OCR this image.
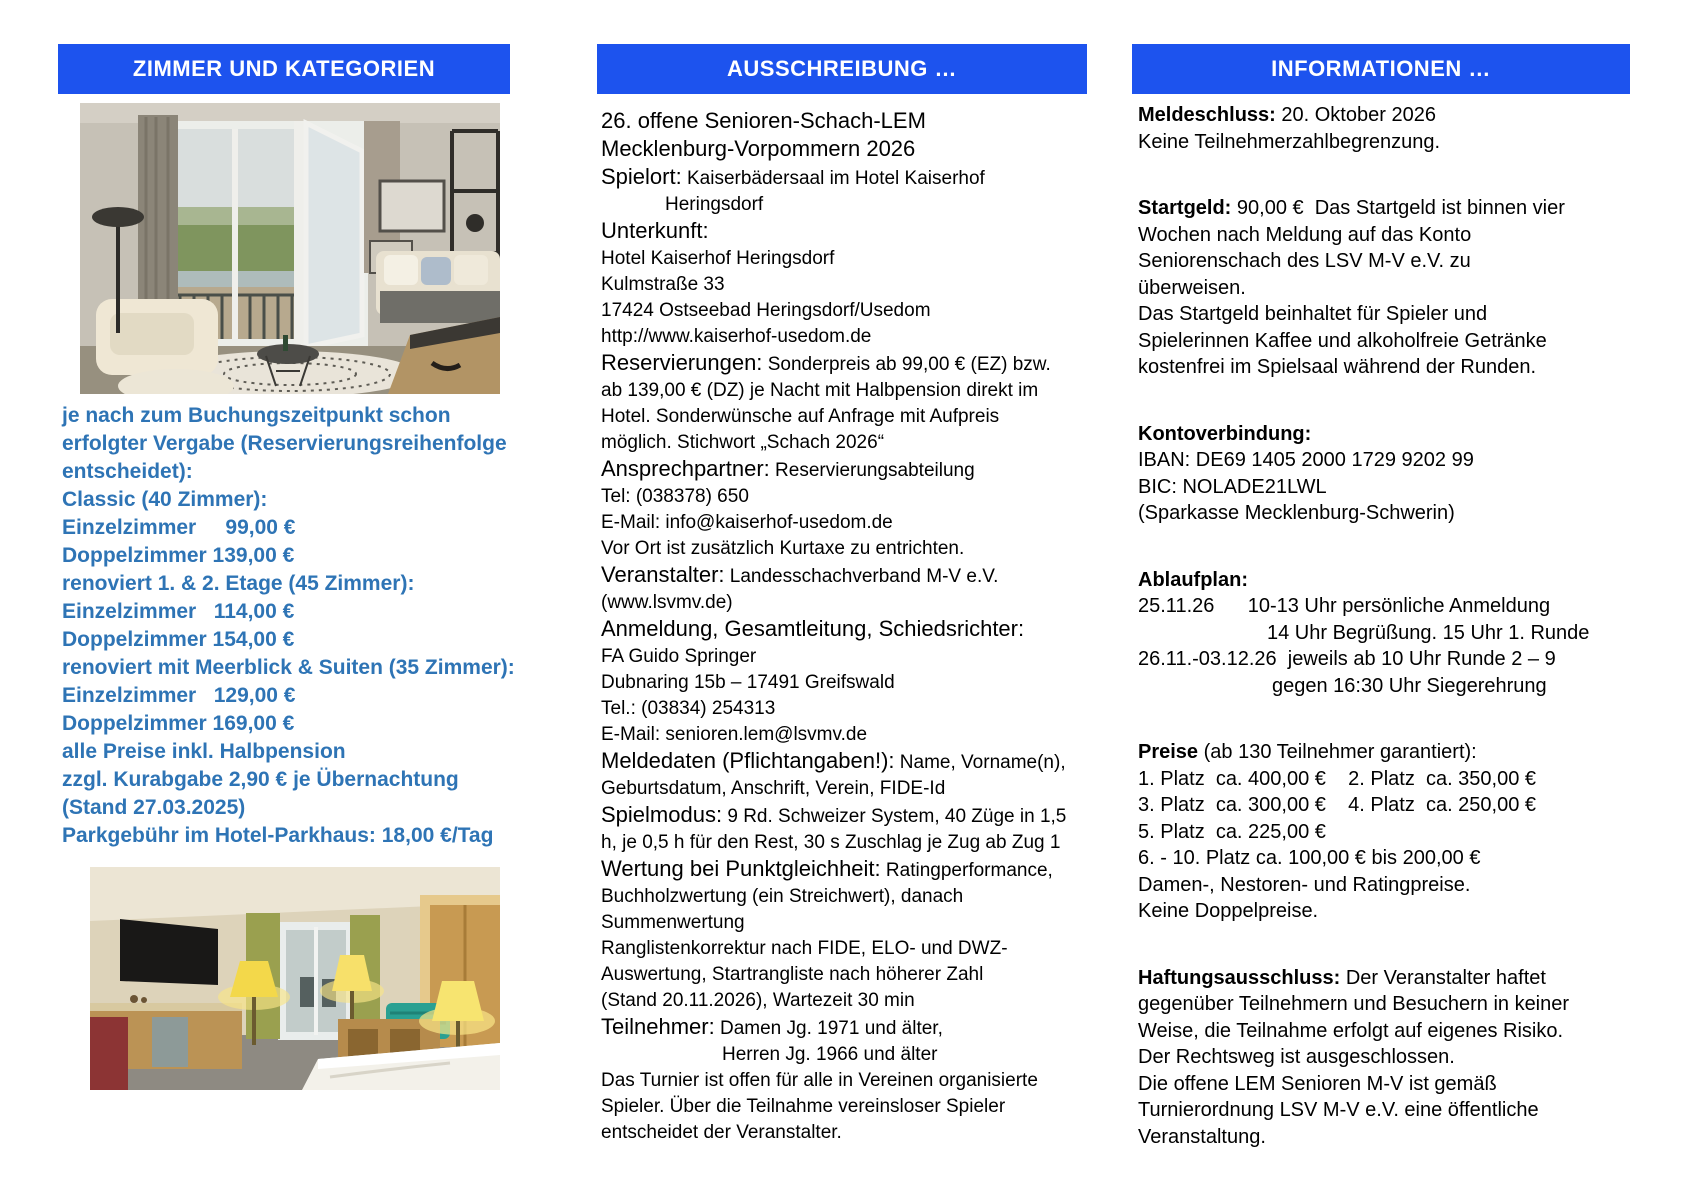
ZIMMER UND KATEGORIEN
je nach zum Buchungszeitpunkt schon
erfolgter Vergabe (Reservierungsreihenfolge
entscheidet):
Classic (40 Zimmer):
Einzelzimmer     99,00 €
Doppelzimmer 139,00 €
renoviert 1. & 2. Etage (45 Zimmer):
Einzelzimmer   114,00 €
Doppelzimmer 154,00 €
renoviert mit Meerblick & Suiten (35 Zimmer):
Einzelzimmer   129,00 €
Doppelzimmer 169,00 €
alle Preise inkl. Halbpension
zzgl. Kurabgabe 2,90 € je Übernachtung
(Stand 27.03.2025)
Parkgebühr im Hotel-Parkhaus: 18,00 €/Tag
AUSSCHREIBUNG …
26. offene Senioren-Schach-LEM
Mecklenburg-Vorpommern 2026
Spielort: Kaiserbädersaal im Hotel Kaiserhof
Heringsdorf
Unterkunft:
Hotel Kaiserhof Heringsdorf
Kulmstraße 33
17424 Ostseebad Heringsdorf/Usedom
http://www.kaiserhof-usedom.de
Reservierungen: Sonderpreis ab 99,00 € (EZ) bzw.
ab 139,00 € (DZ) je Nacht mit Halbpension direkt im
Hotel. Sonderwünsche auf Anfrage mit Aufpreis
möglich. Stichwort „Schach 2026“
Ansprechpartner: Reservierungsabteilung
Tel: (038378) 650
E-Mail: info@kaiserhof-usedom.de
Vor Ort ist zusätzlich Kurtaxe zu entrichten.
Veranstalter: Landesschachverband M-V e.V.
(www.lsvmv.de)
Anmeldung, Gesamtleitung, Schiedsrichter:
FA Guido Springer
Dubnaring 15b – 17491 Greifswald
Tel.: (03834) 254313
E-Mail: senioren.lem@lsvmv.de
Meldedaten (Pflichtangaben!): Name, Vorname(n),
Geburtsdatum, Anschrift, Verein, FIDE-Id
Spielmodus: 9 Rd. Schweizer System, 40 Züge in 1,5
h, je 0,5 h für den Rest, 30 s Zuschlag je Zug ab Zug 1
Wertung bei Punktgleichheit: Ratingperformance,
Buchholzwertung (ein Streichwert), danach
Summenwertung
Ranglistenkorrektur nach FIDE, ELO- und DWZ-
Auswertung, Startrangliste nach höherer Zahl
(Stand 20.11.2026), Wartezeit 30 min
Teilnehmer: Damen Jg. 1971 und älter,
Herren Jg. 1966 und älter
Das Turnier ist offen für alle in Vereinen organisierte
Spieler. Über die Teilnahme vereinsloser Spieler
entscheidet der Veranstalter.
INFORMATIONEN …
Meldeschluss: 20. Oktober 2026
Keine Teilnehmerzahlbegrenzung.
Startgeld: 90,00 €  Das Startgeld ist binnen vier
Wochen nach Meldung auf das Konto
Seniorenschach des LSV M-V e.V. zu
überweisen.
Das Startgeld beinhaltet für Spieler und
Spielerinnen Kaffee und alkoholfreie Getränke
kostenfrei im Spielsaal während der Runden.
Kontoverbindung:
IBAN: DE69 1405 2000 1729 9202 99
BIC: NOLADE21LWL
(Sparkasse Mecklenburg-Schwerin)
Ablaufplan:
25.11.26      10-13 Uhr persönliche Anmeldung
14 Uhr Begrüßung. 15 Uhr 1. Runde
26.11.-03.12.26  jeweils ab 10 Uhr Runde 2 – 9
gegen 16:30 Uhr Siegerehrung
Preise (ab 130 Teilnehmer garantiert):
1. Platz  ca. 400,00 €    2. Platz  ca. 350,00 €
3. Platz  ca. 300,00 €    4. Platz  ca. 250,00 €
5. Platz  ca. 225,00 €
6. - 10. Platz ca. 100,00 € bis 200,00 €
Damen-, Nestoren- und Ratingpreise.
Keine Doppelpreise.
Haftungsausschluss: Der Veranstalter haftet
gegenüber Teilnehmern und Besuchern in keiner
Weise, die Teilnahme erfolgt auf eigenes Risiko.
Der Rechtsweg ist ausgeschlossen.
Die offene LEM Senioren M-V ist gemäß
Turnierordnung LSV M-V e.V. eine öffentliche
Veranstaltung.
